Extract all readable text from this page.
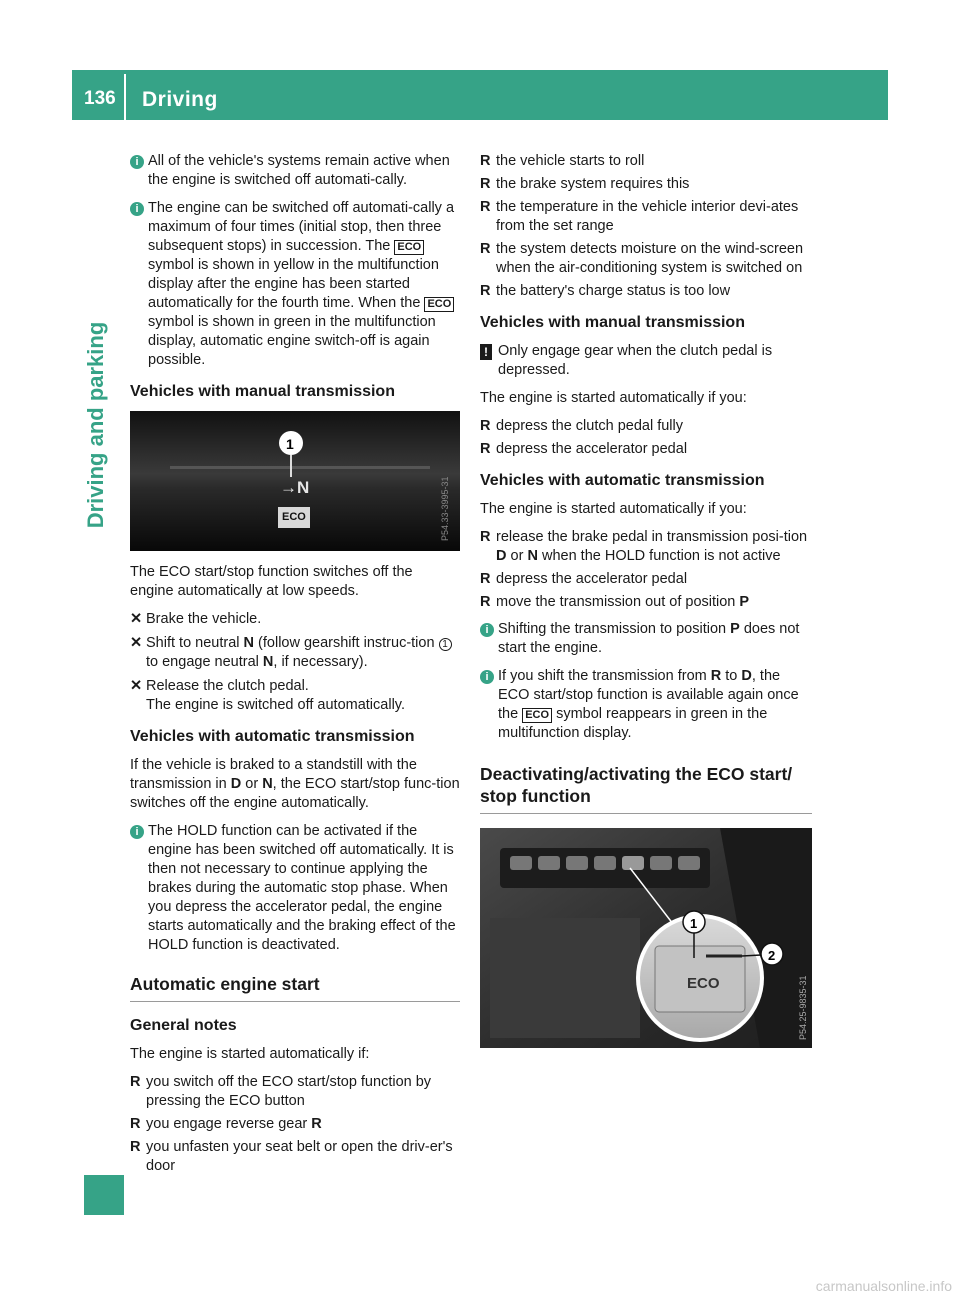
136 Driving
Driving and parking
i All of the vehicle's systems remain active when the engine is switched off automati-cally.
i The engine can be switched off automati-cally a maximum of four times (initial stop, then three subsequent stops) in succession. The ECO symbol is shown in yellow in the multifunction display after the engine has been started automatically for the fourth time. When the ECO symbol is shown in green in the multifunction display, automatic engine switch-off is again possible.
Vehicles with manual transmission
1
→N
ECO	P54.33-3995-31

The ECO start/stop function switches off the engine automatically at low speeds.

✕ Brake the vehicle.
✕ Shift to neutral N (follow gearshift instruc-tion 1 to engage neutral N, if necessary).
✕ Release the clutch pedal.
The engine is switched off automatically.
Vehicles with automatic transmission

If the vehicle is braked to a standstill with the transmission in D or N, the ECO start/stop func-tion switches off the engine automatically.

i The HOLD function can be activated if the engine has been switched off automatically. It is then not necessary to continue applying the brakes during the automatic stop phase. When you depress the accelerator pedal, the engine starts automatically and the braking effect of the HOLD function is deactivated.
Automatic engine start
General notes

The engine is started automatically if:

R you switch off the ECO start/stop function by pressing the ECO button
R you engage reverse gear R
R you unfasten your seat belt or open the driv-er's door
R the vehicle starts to roll
R the brake system requires this
R the temperature in the vehicle interior devi-ates from the set range
R the system detects moisture on the wind-screen when the air-conditioning system is switched on
R the battery's charge status is too low
Vehicles with manual transmission
! Only engage gear when the clutch pedal is depressed.

The engine is started automatically if you:

R depress the clutch pedal fully
R depress the accelerator pedal
Vehicles with automatic transmission

The engine is started automatically if you:

R release the brake pedal in transmission posi-tion D or N when the HOLD function is not active
R depress the accelerator pedal
R move the transmission out of position P
i Shifting the transmission to position P does not start the engine.
i If you shift the transmission from R to D, the ECO start/stop function is available again once the ECO symbol reappears in green in the multifunction display.
Deactivating/activating the ECO start/ stop function
1
2
ECO	P54.25-9835-31
carmanualsonline.info
